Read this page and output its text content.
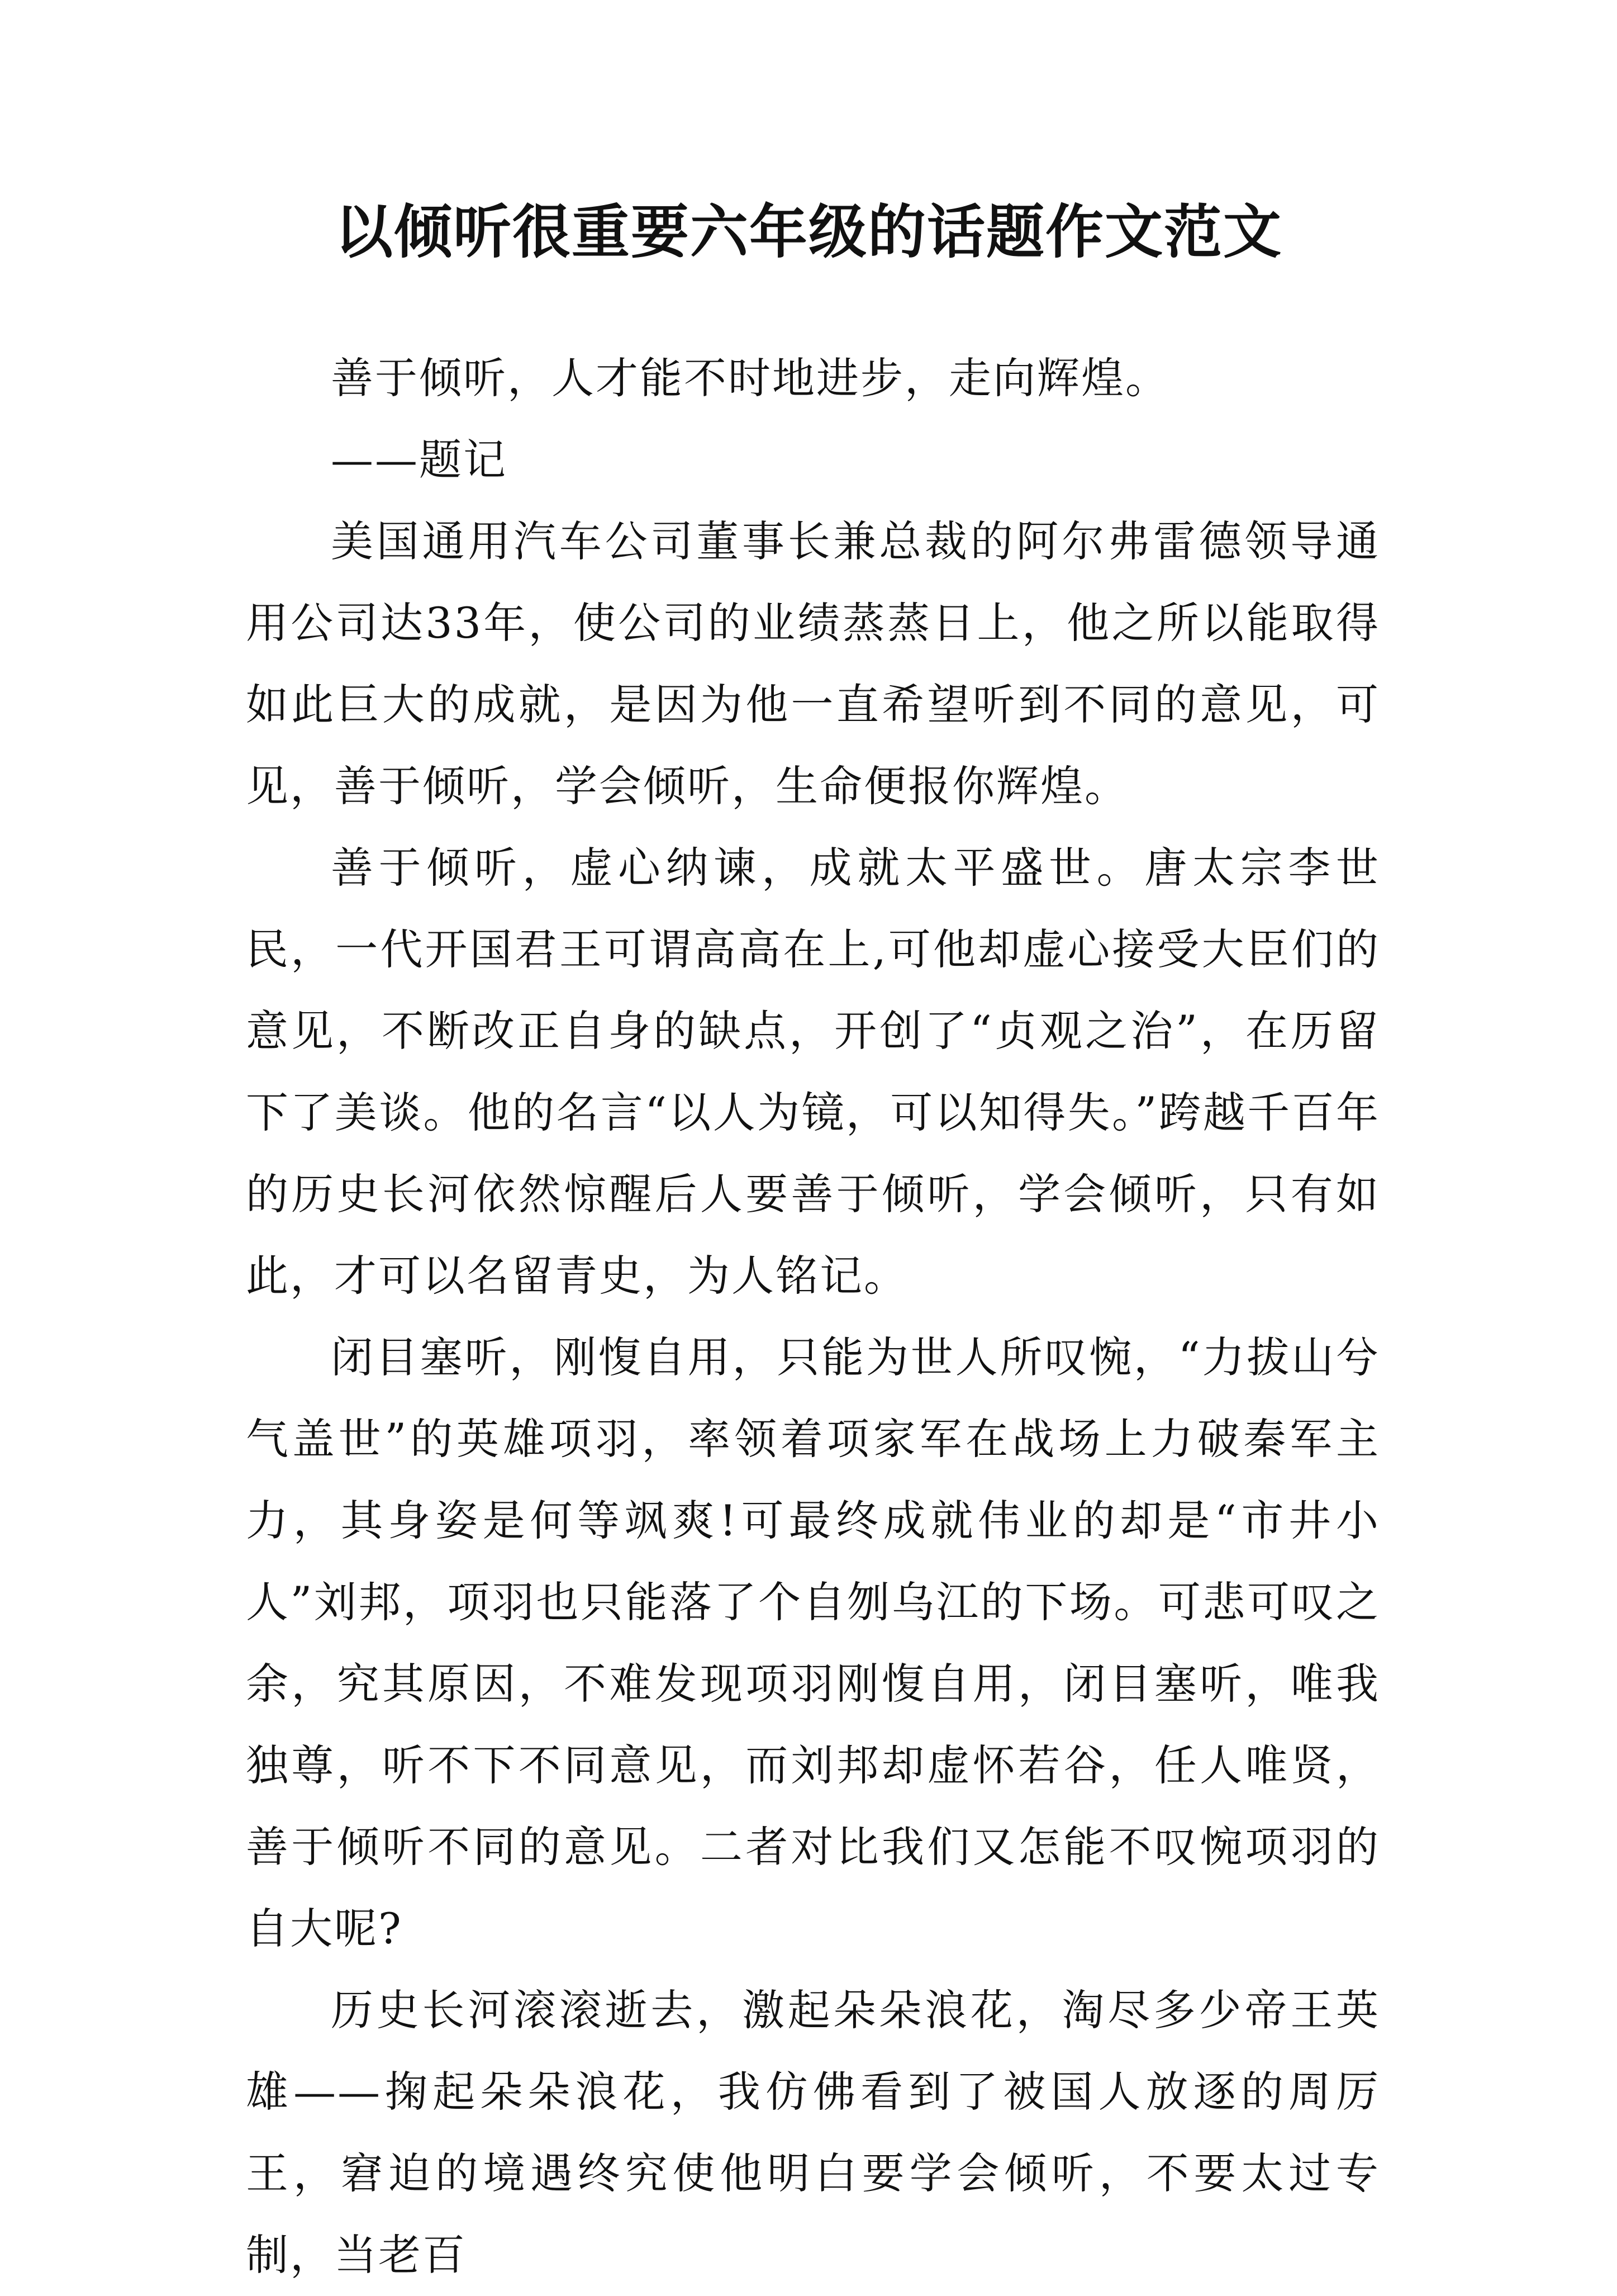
以倾听很重要六年级的话题作文范文

善于倾听，人才能不时地进步，走向辉煌。

——题记

美国通用汽车公司董事长兼总裁的阿尔弗雷德领导通用公司达33年，使公司的业绩蒸蒸日上，他之所以能取得如此巨大的成就，是因为他一直希望听到不同的意见，可见，善于倾听，学会倾听，生命便报你辉煌。

善于倾听，虚心纳谏，成就太平盛世。唐太宗李世民，一代开国君王可谓高高在上,可他却虚心接受大臣们的意见，不断改正自身的缺点，开创了“贞观之治”，在历留下了美谈。他的名言“以人为镜，可以知得失。”跨越千百年的历史长河依然惊醒后人要善于倾听，学会倾听，只有如此，才可以名留青史，为人铭记。

闭目塞听，刚愎自用，只能为世人所叹惋，“力拔山兮气盖世”的英雄项羽，率领着项家军在战场上力破秦军主力，其身姿是何等飒爽!可最终成就伟业的却是“市井小人”刘邦，项羽也只能落了个自刎乌江的下场。可悲可叹之余，究其原因，不难发现项羽刚愎自用，闭目塞听，唯我独尊，听不下不同意见，而刘邦却虚怀若谷，任人唯贤，善于倾听不同的意见。二者对比我们又怎能不叹惋项羽的自大呢?

历史长河滚滚逝去，激起朵朵浪花，淘尽多少帝王英雄——掬起朵朵浪花，我仿佛看到了被国人放逐的周厉王，窘迫的境遇终究使他明白要学会倾听，不要太过专制，当老百
